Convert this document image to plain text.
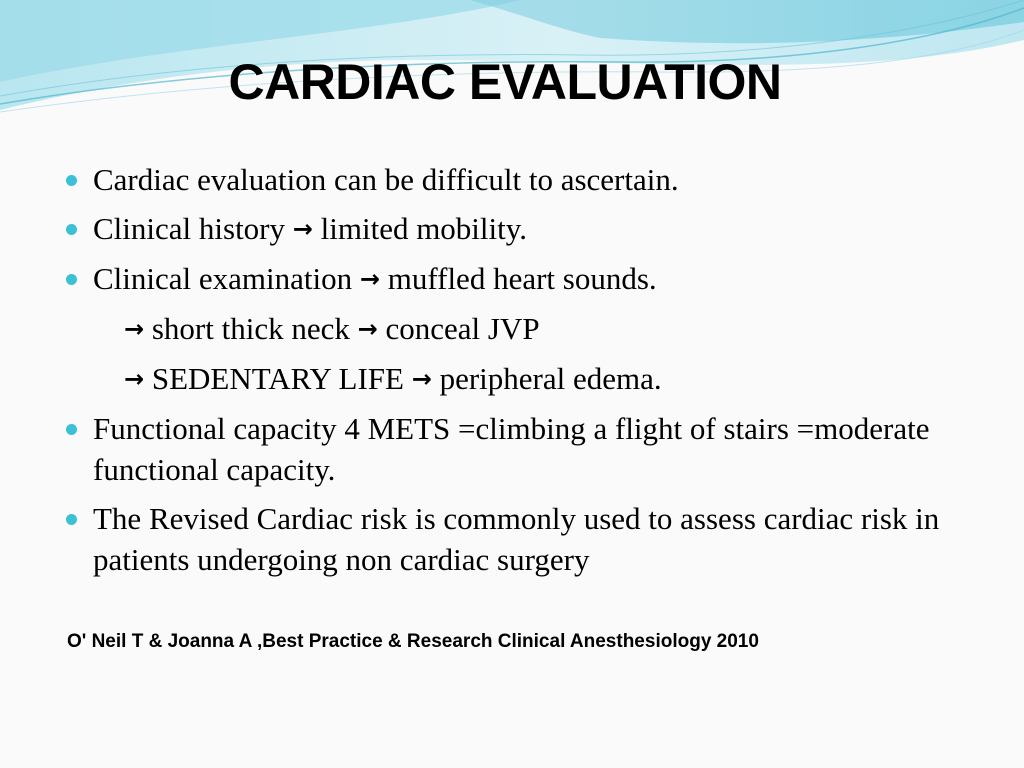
CARDIAC EVALUATION
Cardiac evaluation can be difficult to ascertain.
Clinical history → limited mobility.
Clinical examination → muffled heart sounds.
→ short thick neck → conceal JVP
→ SEDENTARY LIFE → peripheral edema.
Functional capacity 4 METS =climbing a flight of stairs =moderate functional capacity.
The Revised Cardiac risk is commonly used to assess cardiac risk in patients undergoing non cardiac surgery
O' Neil T & Joanna A ,Best Practice & Research Clinical Anesthesiology 2010
